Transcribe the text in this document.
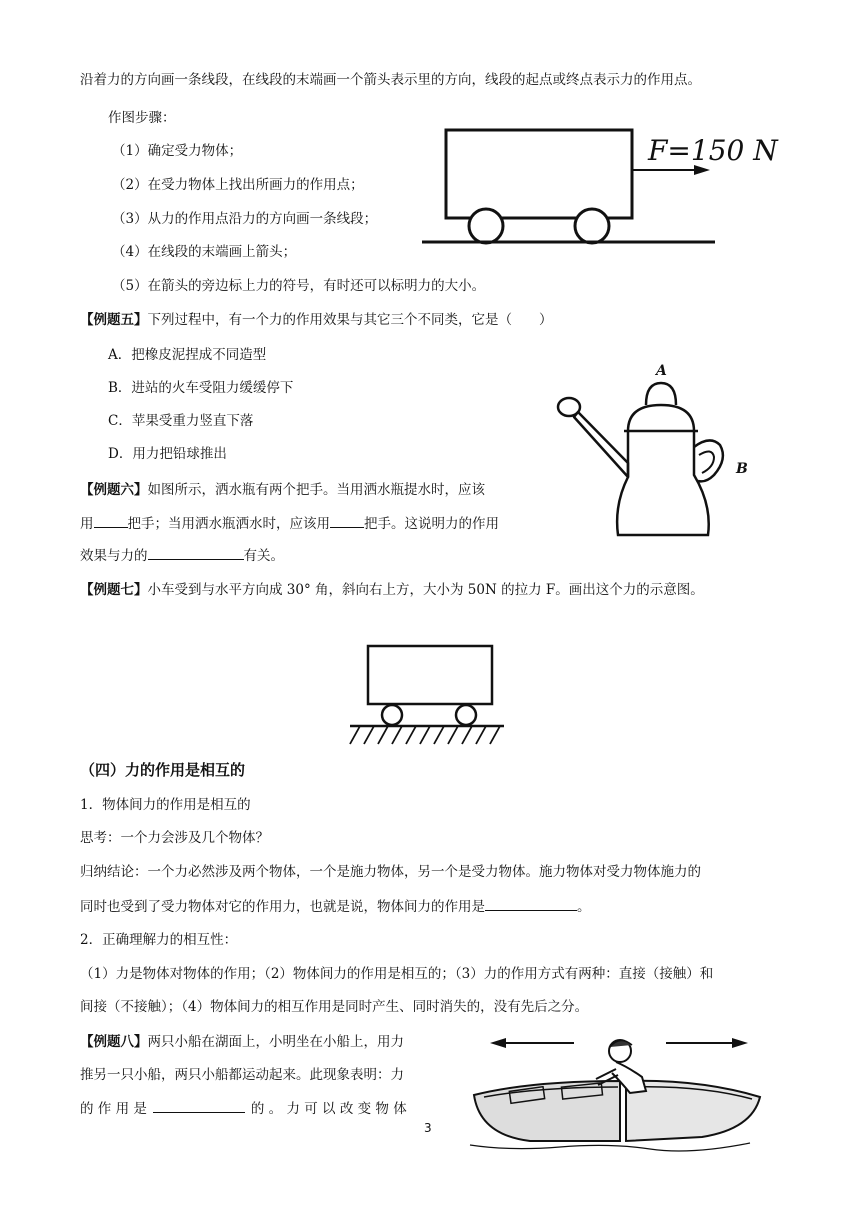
沿着力的方向画一条线段，在线段的末端画一个箭头表示里的方向，线段的起点或终点表示力的作用点。
作图步骤：
（1）确定受力物体；
（2）在受力物体上找出所画力的作用点；
（3）从力的作用点沿力的方向画一条线段；
（4）在线段的末端画上箭头；
（5）在箭头的旁边标上力的符号，有时还可以标明力的大小。
F=150 N
【例题五】下列过程中，有一个力的作用效果与其它三个不同类，它是（　　）
A．把橡皮泥捏成不同造型
B．进站的火车受阻力缓缓停下
C．苹果受重力竖直下落
D．用力把铅球推出
A
B
【例题六】如图所示，洒水瓶有两个把手。当用洒水瓶提水时，应该
用	把手；当用洒水瓶洒水时，应该用	把手。这说明力的作用
效果与力的	有关。
【例题七】小车受到与水平方向成 30° 角，斜向右上方，大小为 50N 的拉力 F。画出这个力的示意图。
（四）力的作用是相互的
1．物体间力的作用是相互的
思考：一个力会涉及几个物体？
归纳结论：一个力必然涉及两个物体，一个是施力物体，另一个是受力物体。施力物体对受力物体施力的
同时也受到了受力物体对它的作用力，也就是说，物体间力的作用是	。
2．正确理解力的相互性：
（1）力是物体对物体的作用；（2）物体间力的作用是相互的；（3）力的作用方式有两种：直接（接触）和
间接（不接触）；（4）物体间力的相互作用是同时产生、同时消失的，没有先后之分。
【例题八】两只小船在湖面上，小明坐在小船上，用力
推另一只小船，两只小船都运动起来。此现象表明：力
的 作 用 是	的 。 力 可 以 改 变 物 体
3
